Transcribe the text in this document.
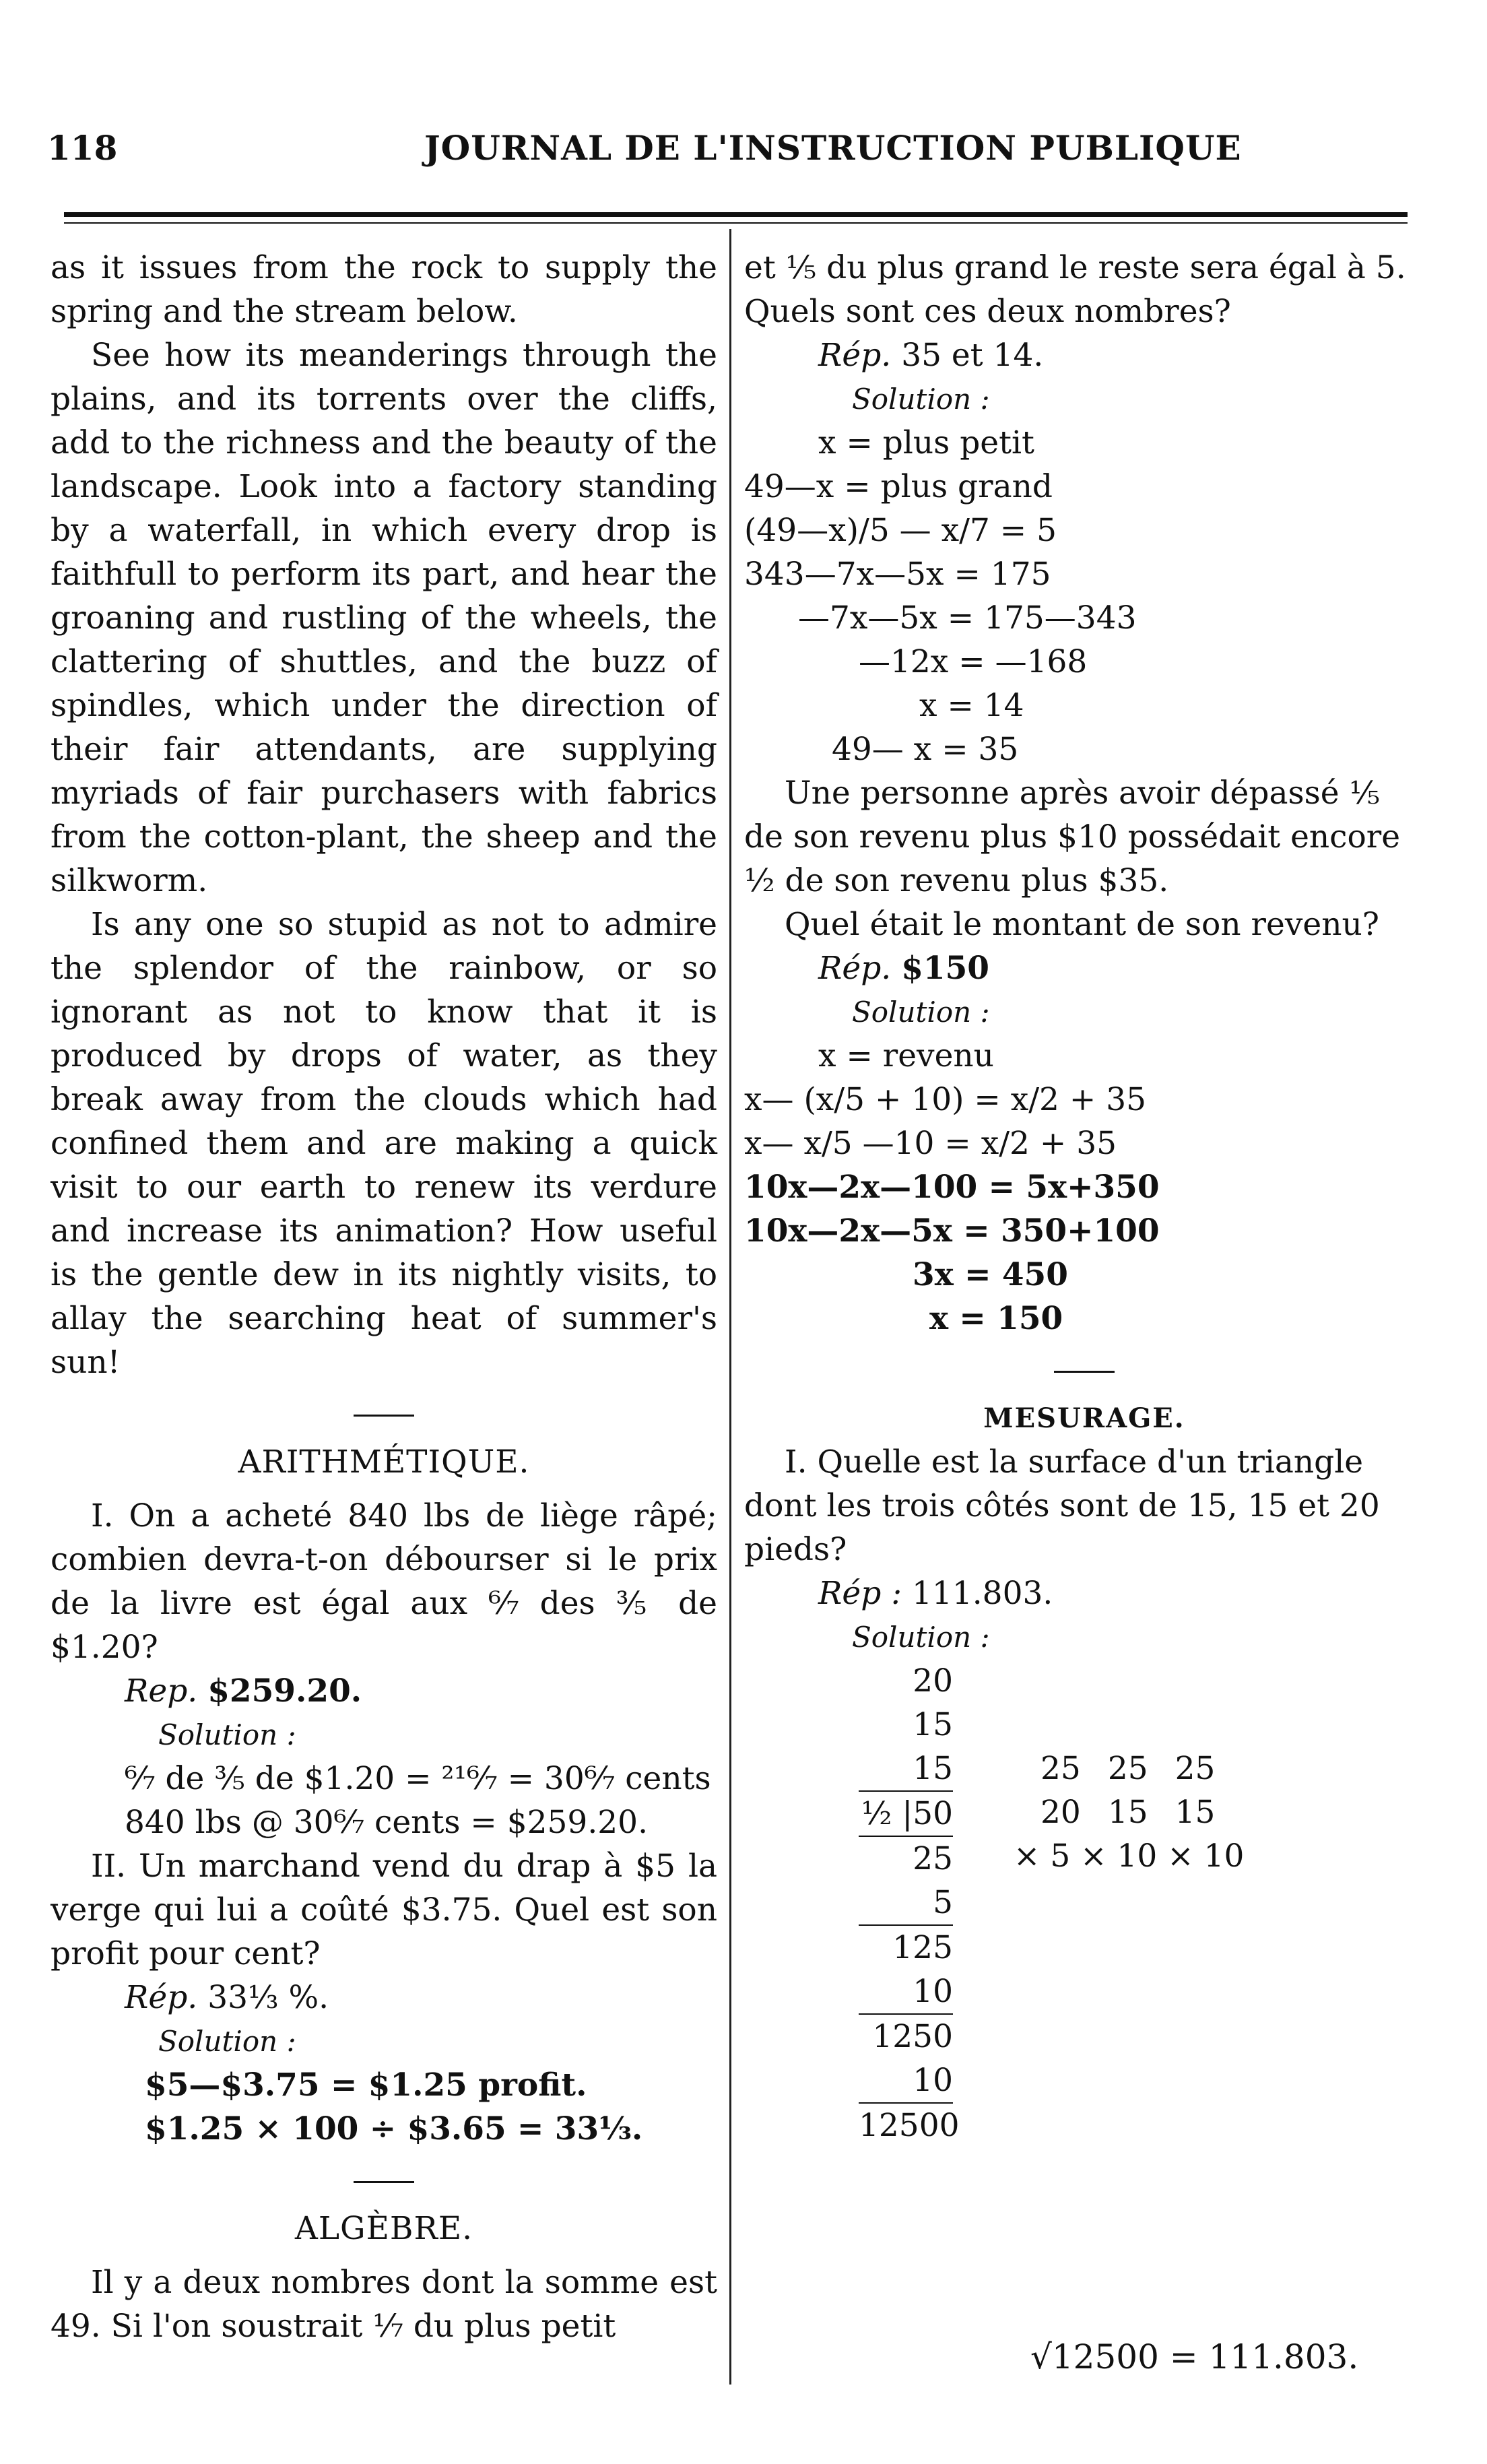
118	JOURNAL DE L'INSTRUCTION PUBLIQUE

as it issues from the rock to supply the spring and the stream below.

See how its meanderings through the plains, and its torrents over the cliffs, add to the richness and the beauty of the landscape. Look into a factory standing by a waterfall, in which every drop is faithfull to perform its part, and hear the groaning and rustling of the wheels, the clattering of shuttles, and the buzz of spindles, which under the direction of their fair attendants, are supplying myriads of fair purchasers with fabrics from the cotton-plant, the sheep and the silkworm.

Is any one so stupid as not to admire the splendor of the rainbow, or so ignorant as not to know that it is produced by drops of water, as they break away from the clouds which had confined them and are making a quick visit to our earth to renew its verdure and increase its animation? How useful is the gentle dew in its nightly visits, to allay the searching heat of summer's sun!

ARITHMÉTIQUE.

I. On a acheté 840 lbs de liège râpé; combien devra-t-on débourser si le prix de la livre est égal aux ⁶⁄₇ des ⅗ de $1.20?

Rep. $259.20.

Solution :

⁶⁄₇ de ⅗ de $1.20 = ²¹⁶⁄₇ = 30⁶⁄₇ cents

840 lbs @ 30⁶⁄₇ cents = $259.20.

II. Un marchand vend du drap à $5 la verge qui lui a coûté $3.75. Quel est son profit pour cent?

Rép. 33⅓ %.

Solution :

$5—$3.75 = $1.25 profit.

$1.25 × 100 ÷ $3.65 = 33⅓.

ALGÈBRE.

Il y a deux nombres dont la somme est 49. Si l'on soustrait ⅐ du plus petit

et ⅕ du plus grand le reste sera égal à 5. Quels sont ces deux nombres?

Rép. 35 et 14.

Solution :

x = plus petit

49—x = plus grand

(49—x)/5 — x/7 = 5

343—7x—5x = 175

—7x—5x = 175—343

—12x = —168

x = 14

49— x = 35

Une personne après avoir dépassé ⅕ de son revenu plus $10 possédait encore ½ de son revenu plus $35.

Quel était le montant de son revenu?

Rép. $150

Solution :

x = revenu

x— (x/5 + 10) = x/2 + 35

x— x/5 —10 = x/2 + 35

10x—2x—100 = 5x+350

10x—2x—5x = 350+100

3x = 450

x = 150

MESURAGE.

I. Quelle est la surface d'un triangle dont les trois côtés sont de 15, 15 et 20 pieds?

Rép : 111.803.

Solution :

20
15
15
½ |50
25
5
125
10
1250
10
12500
25 25 25
20 15 15
× 5 × 10 × 10
√12500 = 111.803.
